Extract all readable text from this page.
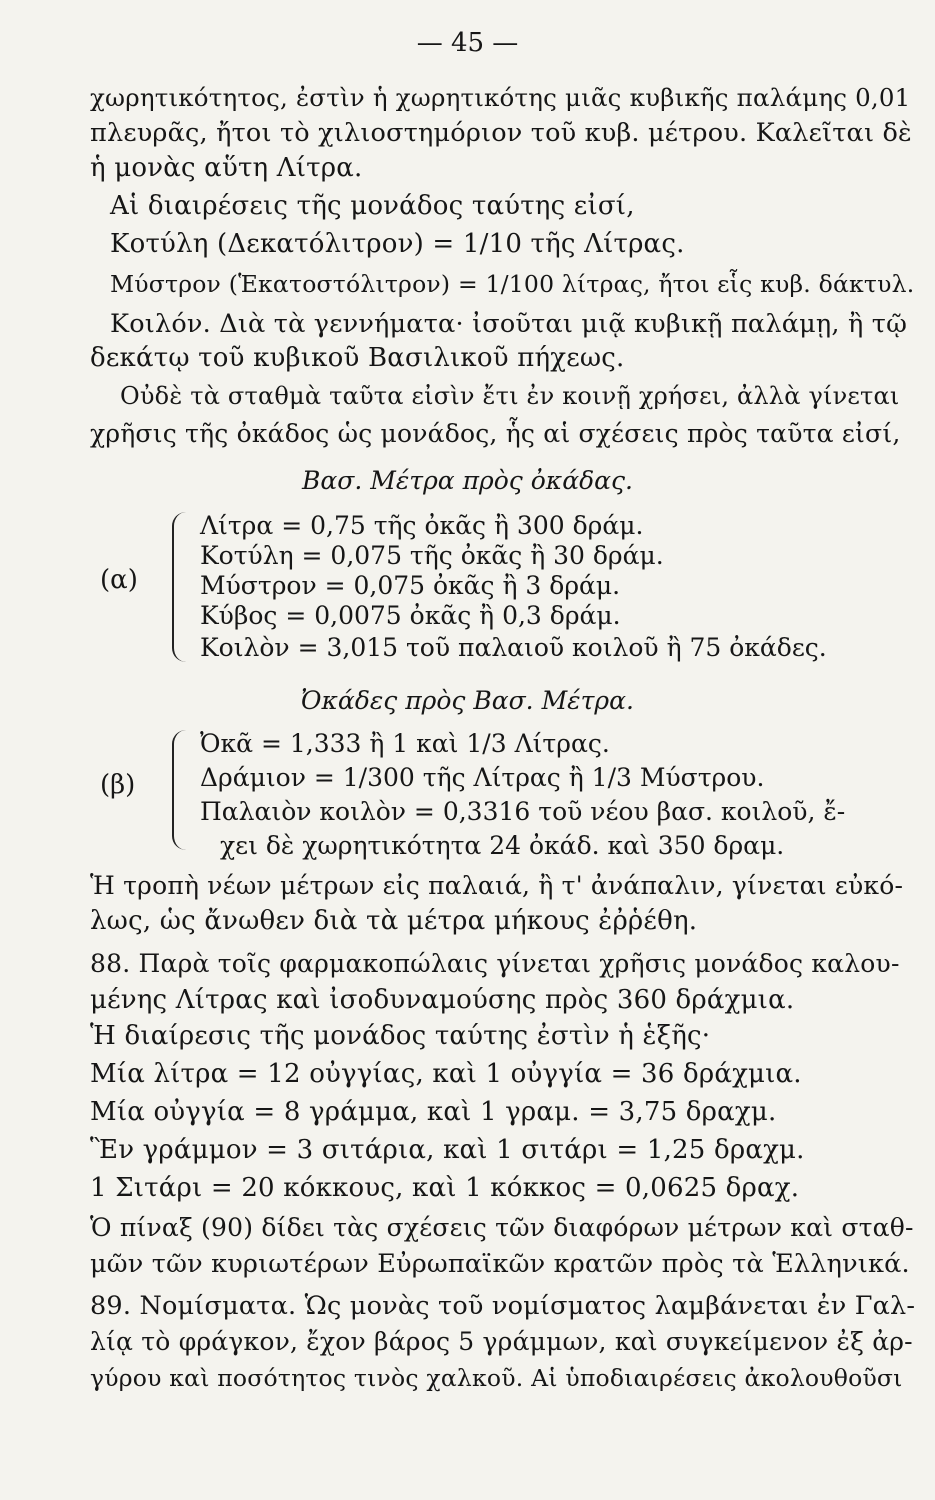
— 45 —
χωρητικότητος, ἐστὶν ἡ χωρητικότης μιᾶς κυβικῆς παλάμης 0,01
πλευρᾶς, ἤτοι τὸ χιλιοστημόριον τοῦ κυβ. μέτρου. Καλεῖται δὲ
ἡ μονὰς αὕτη Λίτρα.
Αἱ διαιρέσεις τῆς μονάδος ταύτης εἰσί,
Κοτύλη (Δεκατόλιτρον) = 1/10 τῆς Λίτρας.
Μύστρον (Ἑκατοστόλιτρον) = 1/100 λίτρας, ἤτοι εἷς κυβ. δάκτυλ.
Κοιλόν. Διὰ τὰ γεννήματα· ἰσοῦται μιᾷ κυβικῇ παλάμῃ, ἢ τῷ
δεκάτῳ τοῦ κυβικοῦ Βασιλικοῦ πήχεως.
Οὐδὲ τὰ σταθμὰ ταῦτα εἰσὶν ἔτι ἐν κοινῇ χρήσει, ἀλλὰ γίνεται
χρῆσις τῆς ὀκάδος ὡς μονάδος, ἧς αἱ σχέσεις πρὸς ταῦτα εἰσί,
Βασ. Μέτρα πρὸς ὀκάδας.
(α)
Λίτρα = 0,75 τῆς ὀκᾶς ἢ 300 δράμ.
Κοτύλη = 0,075 τῆς ὀκᾶς ἢ 30 δράμ.
Μύστρον = 0,075 ὀκᾶς ἢ 3 δράμ.
Κύβος = 0,0075 ὀκᾶς ἢ 0,3 δράμ.
Κοιλὸν = 3,015 τοῦ παλαιοῦ κοιλοῦ ἢ 75 ὀκάδες.
Ὀκάδες πρὸς Βασ. Μέτρα.
(β)
Ὀκᾶ = 1,333 ἢ 1 καὶ 1/3 Λίτρας.
Δράμιον = 1/300 τῆς Λίτρας ἢ 1/3 Μύστρου.
Παλαιὸν κοιλὸν = 0,3316 τοῦ νέου βασ. κοιλοῦ, ἔ-
χει δὲ χωρητικότητα 24 ὀκάδ. καὶ 350 δραμ.
Ἡ τροπὴ νέων μέτρων εἰς παλαιά, ἢ τ' ἀνάπαλιν, γίνεται εὐκό-
λως, ὡς ἄνωθεν διὰ τὰ μέτρα μήκους ἐῤῥέθη.
88. Παρὰ τοῖς φαρμακοπώλαις γίνεται χρῆσις μονάδος καλου-
μένης Λίτρας καὶ ἰσοδυναμούσης πρὸς 360 δράχμια.
Ἡ διαίρεσις τῆς μονάδος ταύτης ἐστὶν ἡ ἑξῆς·
Μία λίτρα = 12 οὐγγίας, καὶ 1 οὐγγία = 36 δράχμια.
Μία οὐγγία = 8 γράμμα, καὶ 1 γραμ. = 3,75 δραχμ.
Ἓν γράμμον = 3 σιτάρια, καὶ 1 σιτάρι = 1,25 δραχμ.
1 Σιτάρι = 20 κόκκους, καὶ 1 κόκκος = 0,0625 δραχ.
Ὁ πίναξ (90) δίδει τὰς σχέσεις τῶν διαφόρων μέτρων καὶ σταθ-
μῶν τῶν κυριωτέρων Εὐρωπαϊκῶν κρατῶν πρὸς τὰ Ἑλληνικά.
89. Νομίσματα. Ὡς μονὰς τοῦ νομίσματος λαμβάνεται ἐν Γαλ-
λίᾳ τὸ φράγκον, ἔχον βάρος 5 γράμμων, καὶ συγκείμενον ἐξ ἀρ-
γύρου καὶ ποσότητος τινὸς χαλκοῦ. Αἱ ὑποδιαιρέσεις ἀκολουθοῦσι
